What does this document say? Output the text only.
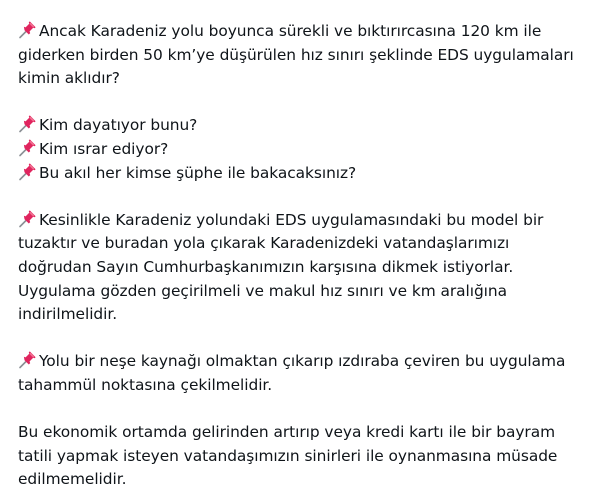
Ancak Karadeniz yolu boyunca sürekli ve bıktırırcasına 120 km ile
giderken birden 50 km’ye düşürülen hız sınırı şeklinde EDS uygulamaları
kimin aklıdır?
Kim dayatıyor bunu?
Kim ısrar ediyor?
Bu akıl her kimse şüphe ile bakacaksınız?
Kesinlikle Karadeniz yolundaki EDS uygulamasındaki bu model bir
tuzaktır ve buradan yola çıkarak Karadenizdeki vatandaşlarımızı
doğrudan Sayın Cumhurbaşkanımızın karşısına dikmek istiyorlar.
Uygulama gözden geçirilmeli ve makul hız sınırı ve km aralığına
indirilmelidir.
Yolu bir neşe kaynağı olmaktan çıkarıp ızdıraba çeviren bu uygulama
tahammül noktasına çekilmelidir.
Bu ekonomik ortamda gelirinden artırıp veya kredi kartı ile bir bayram
tatili yapmak isteyen vatandaşımızın sinirleri ile oynanmasına müsade
edilmemelidir.
